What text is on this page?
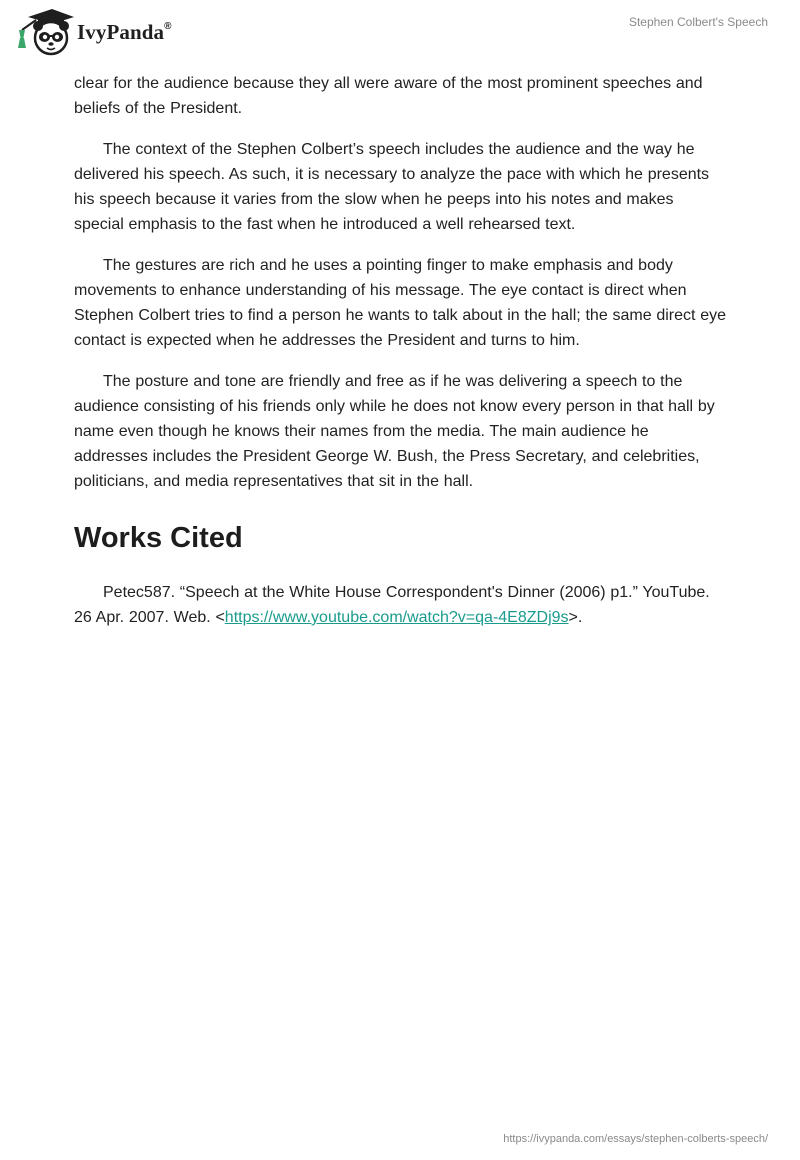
IvyPanda®	Stephen Colbert's Speech

clear for the audience because they all were aware of the most prominent speeches and beliefs of the President.

The context of the Stephen Colbert’s speech includes the audience and the way he delivered his speech. As such, it is necessary to analyze the pace with which he presents his speech because it varies from the slow when he peeps into his notes and makes special emphasis to the fast when he introduced a well rehearsed text.

The gestures are rich and he uses a pointing finger to make emphasis and body movements to enhance understanding of his message. The eye contact is direct when Stephen Colbert tries to find a person he wants to talk about in the hall; the same direct eye contact is expected when he addresses the President and turns to him.

The posture and tone are friendly and free as if he was delivering a speech to the audience consisting of his friends only while he does not know every person in that hall by name even though he knows their names from the media. The main audience he addresses includes the President George W. Bush, the Press Secretary, and celebrities, politicians, and media representatives that sit in the hall.

Works Cited

Petec587. “Speech at the White House Correspondent's Dinner (2006) p1.” YouTube. 26 Apr. 2007. Web. <https://www.youtube.com/watch?v=qa-4E8ZDj9s>.

https://ivypanda.com/essays/stephen-colberts-speech/
